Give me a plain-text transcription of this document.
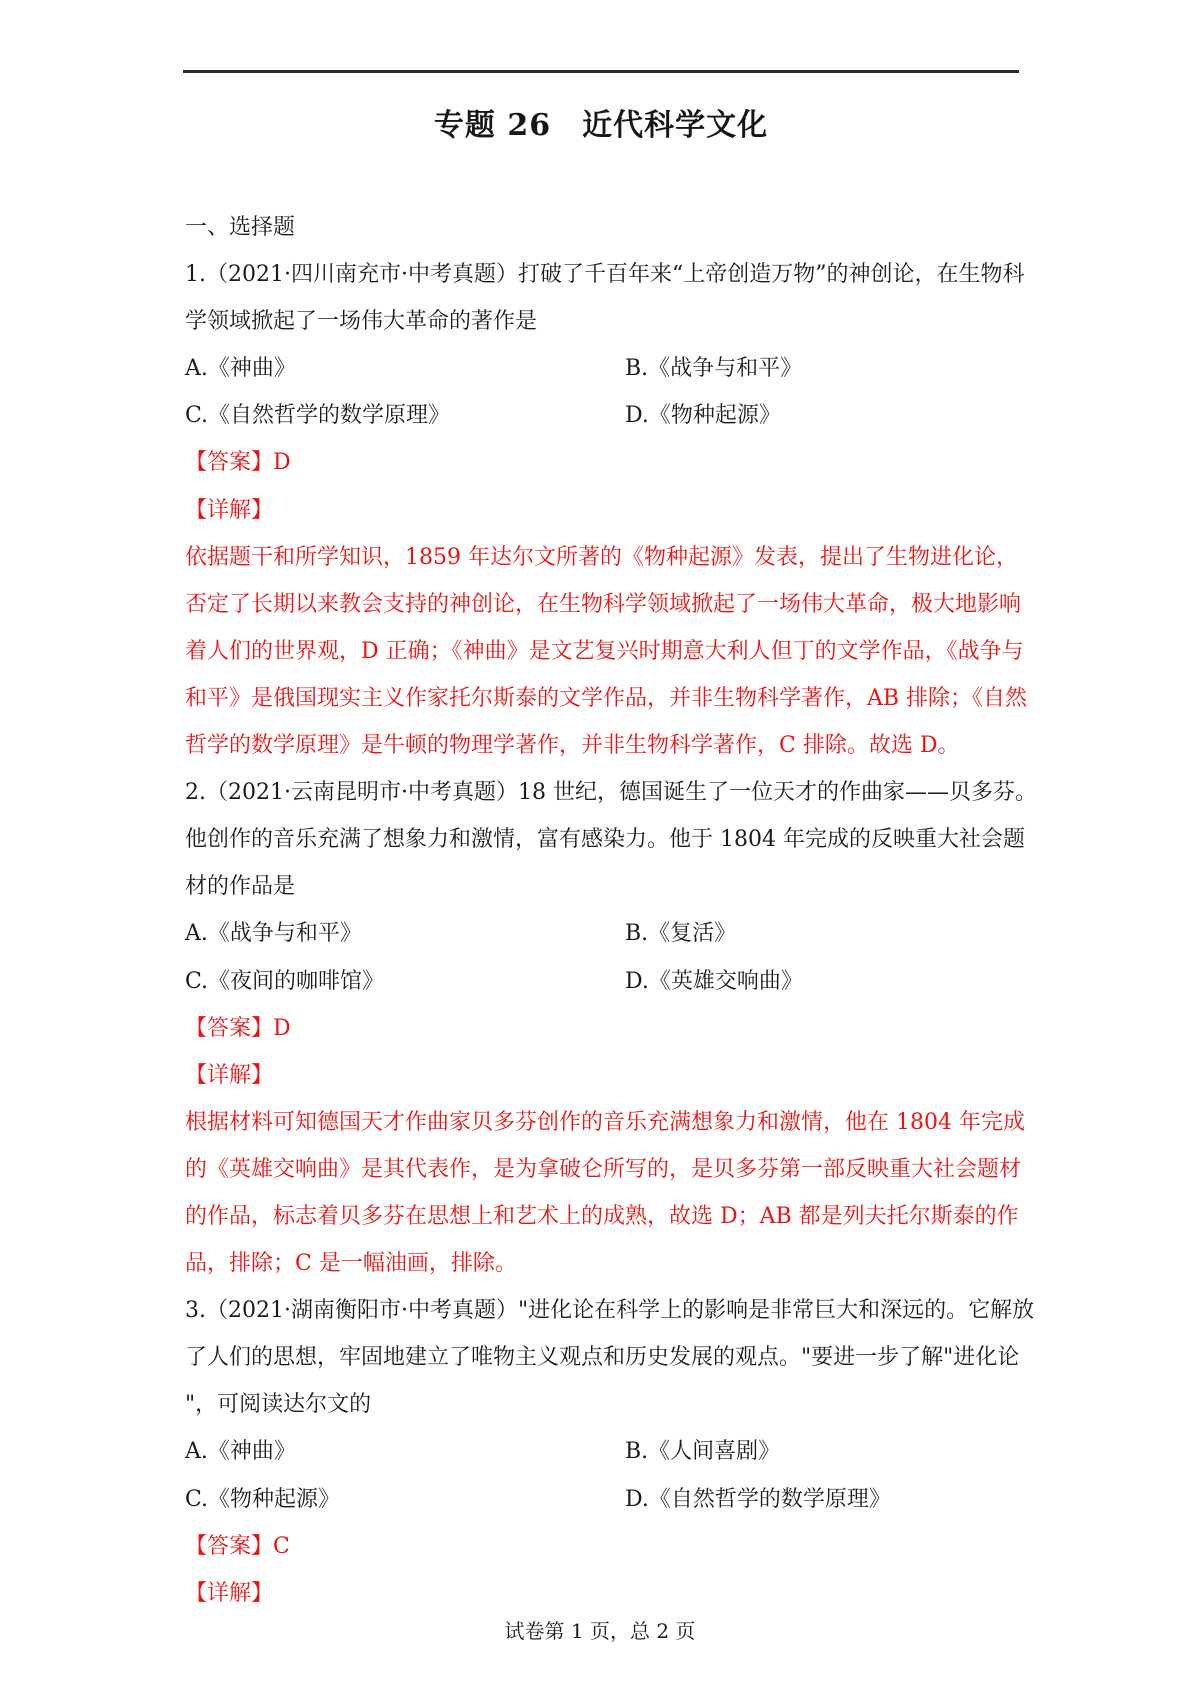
专题 26　近代科学文化
一、选择题
1.（2021·四川南充市·中考真题）打破了千百年来“上帝创造万物”的神创论，在生物科
学领域掀起了一场伟大革命的著作是
A.《神曲》	B.《战争与和平》
C.《自然哲学的数学原理》	D.《物种起源》
【答案】D
【详解】
依据题干和所学知识，1859 年达尔文所著的《物种起源》发表，提出了生物进化论，
否定了长期以来教会支持的神创论，在生物科学领域掀起了一场伟大革命，极大地影响
着人们的世界观，D 正确；《神曲》是文艺复兴时期意大利人但丁的文学作品，《战争与
和平》是俄国现实主义作家托尔斯泰的文学作品，并非生物科学著作，AB 排除；《自然
哲学的数学原理》是牛顿的物理学著作，并非生物科学著作，C 排除。故选 D。
2.（2021·云南昆明市·中考真题）18 世纪，德国诞生了一位天才的作曲家——贝多芬。
他创作的音乐充满了想象力和激情，富有感染力。他于 1804 年完成的反映重大社会题
材的作品是
A.《战争与和平》	B.《复活》
C.《夜间的咖啡馆》	D.《英雄交响曲》
【答案】D
【详解】
根据材料可知德国天才作曲家贝多芬创作的音乐充满想象力和激情，他在 1804 年完成
的《英雄交响曲》是其代表作，是为拿破仑所写的，是贝多芬第一部反映重大社会题材
的作品，标志着贝多芬在思想上和艺术上的成熟，故选 D；AB 都是列夫托尔斯泰的作
品，排除；C 是一幅油画，排除。
3.（2021·湖南衡阳市·中考真题）"进化论在科学上的影响是非常巨大和深远的。它解放
了人们的思想，牢固地建立了唯物主义观点和历史发展的观点。"要进一步了解"进化论
"，可阅读达尔文的
A.《神曲》	B.《人间喜剧》
C.《物种起源》	D.《自然哲学的数学原理》
【答案】C
【详解】
试卷第 1 页，总 2 页
